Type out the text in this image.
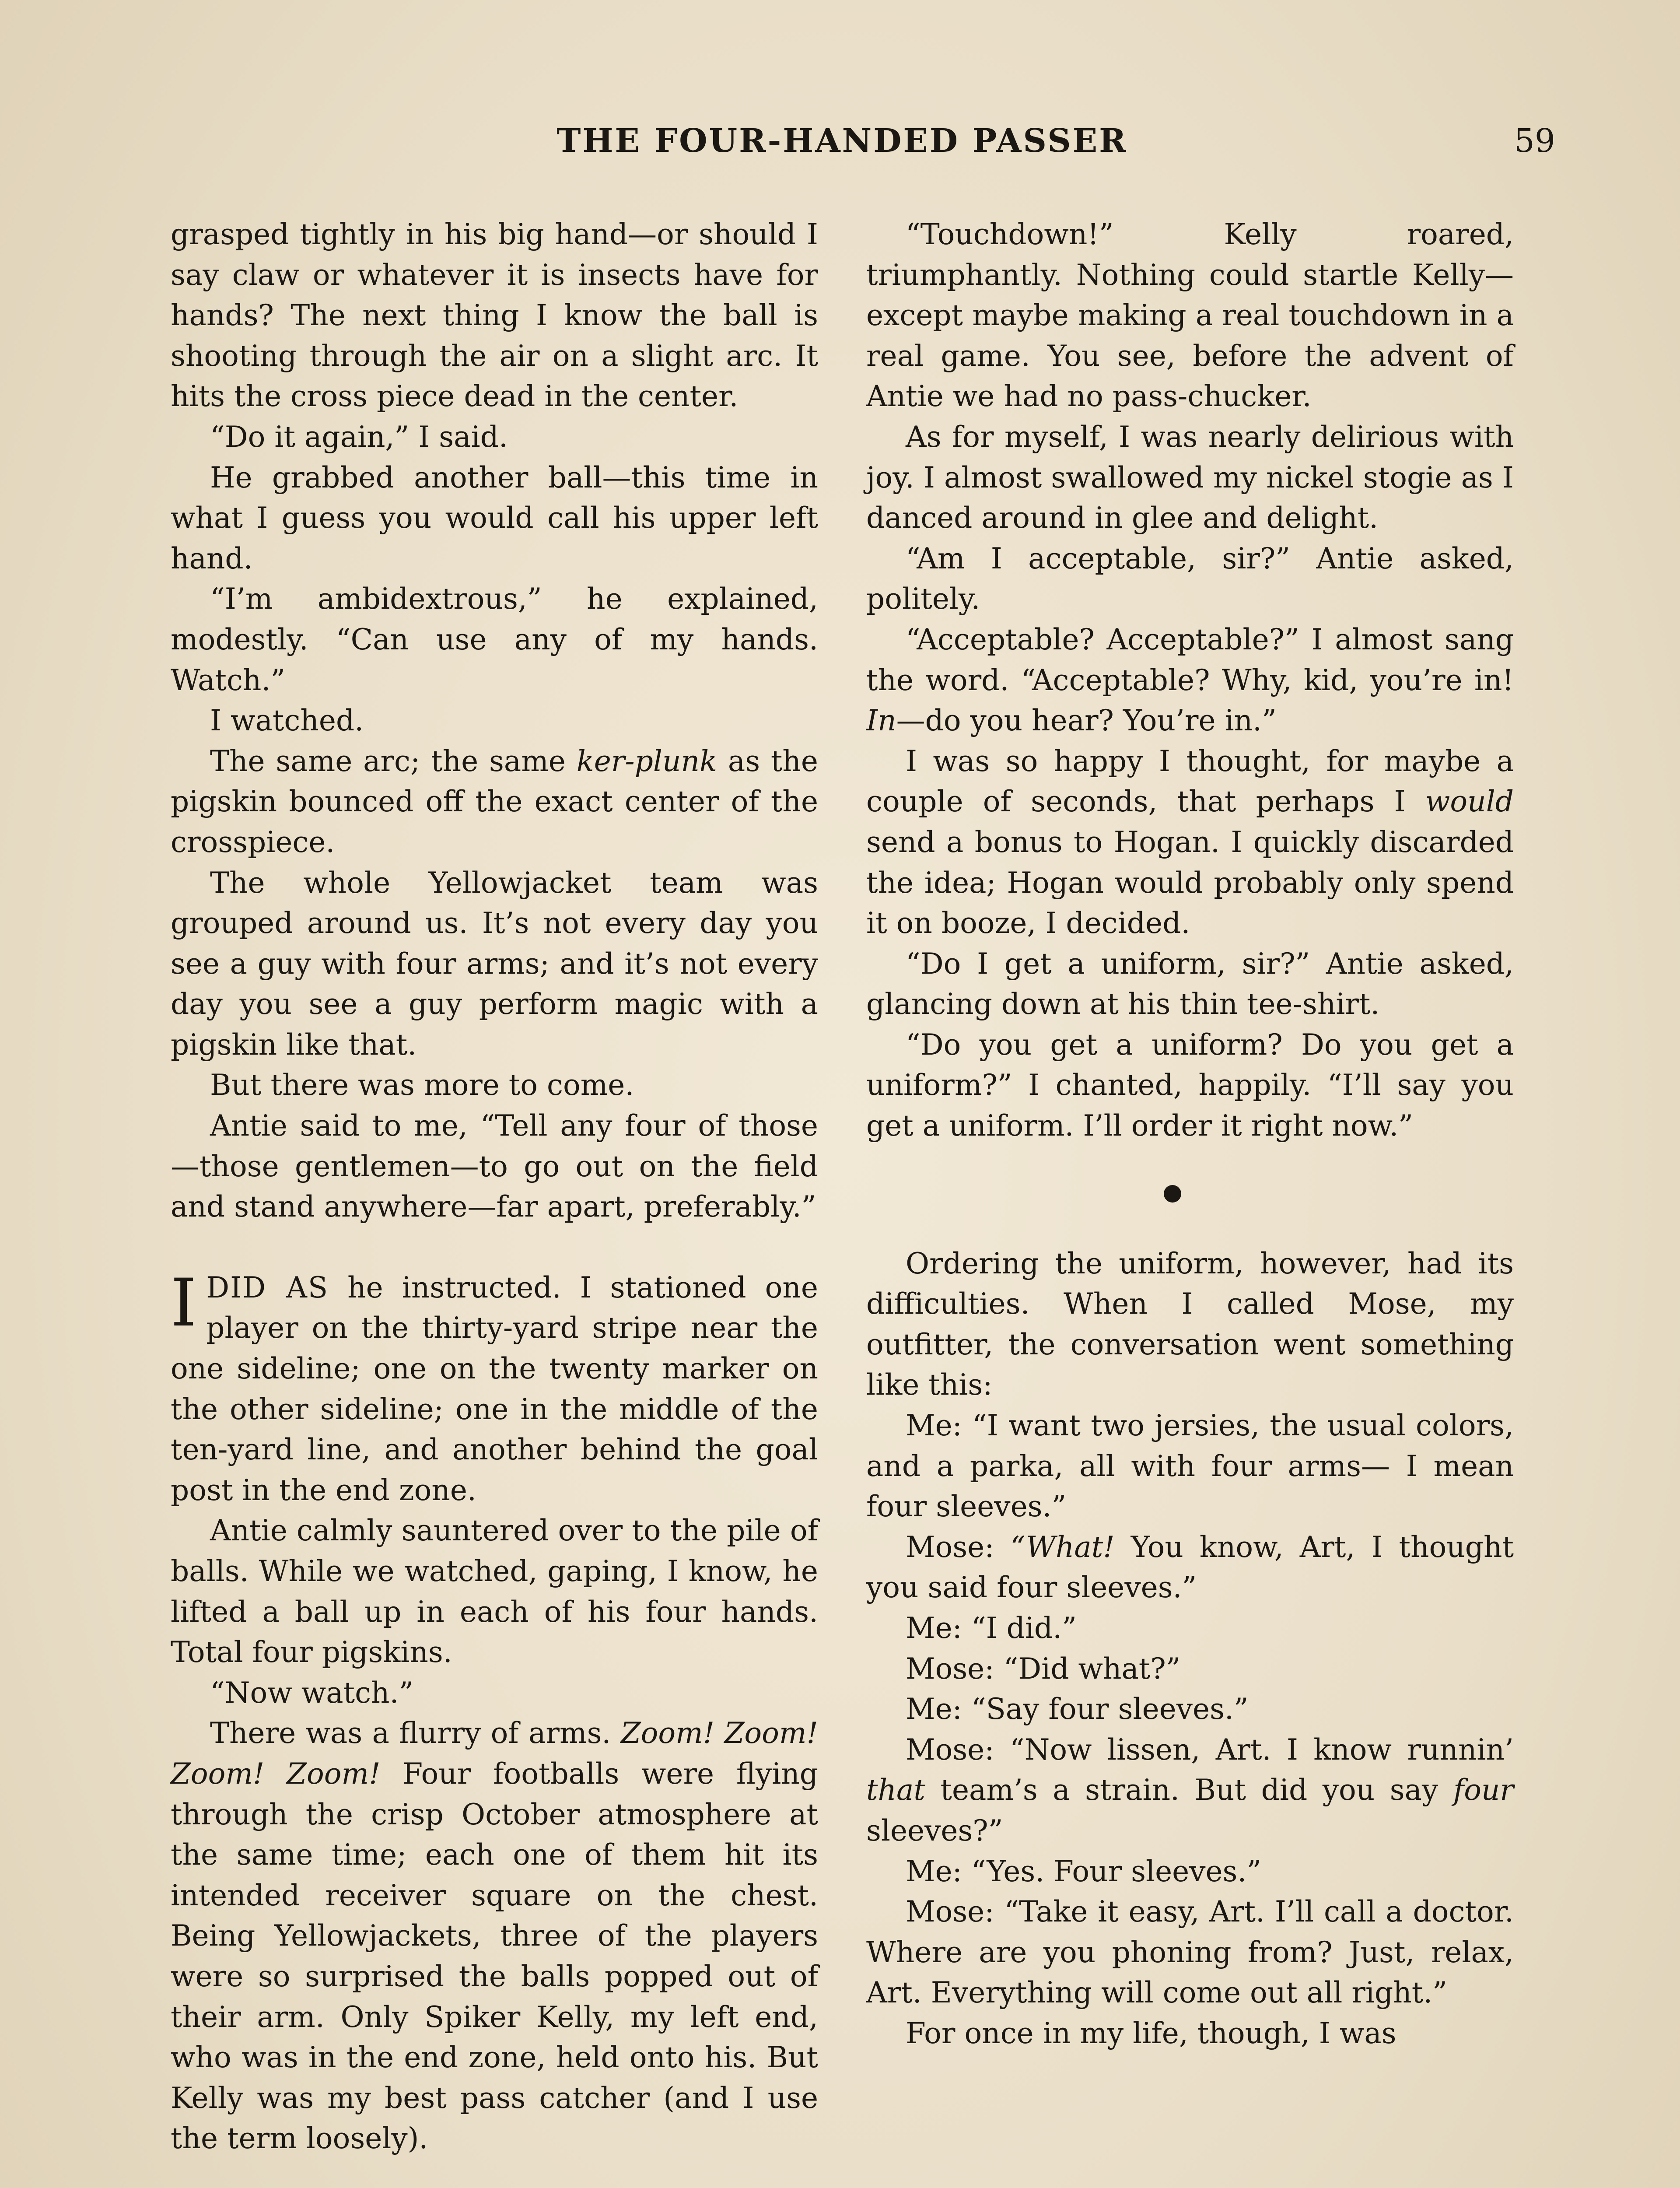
THE FOUR-HANDED PASSER	59

grasped tightly in his big hand—or should I say claw or whatever it is insects have for hands? The next thing I know the ball is shooting through the air on a slight arc. It hits the cross piece dead in the center.

“Do it again,” I said.

He grabbed another ball—this time in what I guess you would call his upper left hand.

“I’m ambidextrous,” he explained, modestly. “Can use any of my hands. Watch.”

I watched.

The same arc; the same ker-plunk as the pigskin bounced off the exact center of the crosspiece.

The whole Yellowjacket team was grouped around us. It’s not every day you see a guy with four arms; and it’s not every day you see a guy perform magic with a pigskin like that.

But there was more to come.

Antie said to me, “Tell any four of those—those gentlemen—to go out on the field and stand anywhere—far apart, preferably.”

IDID AS he instructed. I stationed one player on the thirty-yard stripe near the one sideline; one on the twenty marker on the other sideline; one in the middle of the ten-yard line, and another behind the goal post in the end zone.

Antie calmly sauntered over to the pile of balls. While we watched, gaping, I know, he lifted a ball up in each of his four hands. Total four pigskins.

“Now watch.”

There was a flurry of arms. Zoom! Zoom! Zoom! Zoom! Four footballs were flying through the crisp October atmosphere at the same time; each one of them hit its intended receiver square on the chest. Being Yellowjackets, three of the players were so surprised the balls popped out of their arm. Only Spiker Kelly, my left end, who was in the end zone, held onto his. But Kelly was my best pass catcher (and I use the term loosely).

“Touchdown!” Kelly roared, triumphantly. Nothing could startle Kelly—except maybe making a real touchdown in a real game. You see, before the advent of Antie we had no pass-chucker.

As for myself, I was nearly delirious with joy. I almost swallowed my nickel stogie as I danced around in glee and delight.

“Am I acceptable, sir?” Antie asked, politely.

“Acceptable? Acceptable?” I almost sang the word. “Acceptable? Why, kid, you’re in! In—do you hear? You’re in.”

I was so happy I thought, for maybe a couple of seconds, that perhaps I would send a bonus to Hogan. I quickly discarded the idea; Hogan would probably only spend it on booze, I decided.

“Do I get a uniform, sir?” Antie asked, glancing down at his thin tee-shirt.

“Do you get a uniform? Do you get a uniform?” I chanted, happily. “I’ll say you get a uniform. I’ll order it right now.”

Ordering the uniform, however, had its difficulties. When I called Mose, my outfitter, the conversation went something like this:

Me: “I want two jersies, the usual colors, and a parka, all with four arms— I mean four sleeves.”

Mose: “What! You know, Art, I thought you said four sleeves.”

Me: “I did.”

Mose: “Did what?”

Me: “Say four sleeves.”

Mose: “Now lissen, Art. I know runnin’ that team’s a strain. But did you say four sleeves?”

Me: “Yes. Four sleeves.”

Mose: “Take it easy, Art. I’ll call a doctor. Where are you phoning from? Just, relax, Art. Everything will come out all right.”

For once in my life, though, I was
